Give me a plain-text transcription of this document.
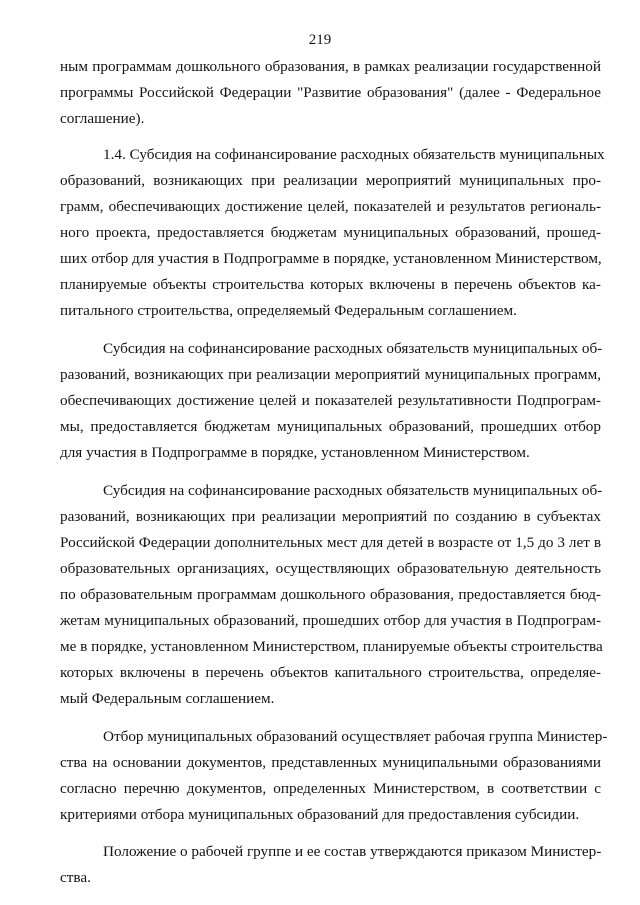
219
ным программам дошкольного образования, в рамках реализации государственной
программы Российской Федерации "Развитие образования" (далее - Федеральное
соглашение).
1.4. Субсидия на софинансирование расходных обязательств муниципальных
образований, возникающих при реализации мероприятий муниципальных про-
грамм, обеспечивающих достижение целей, показателей и результатов региональ-
ного проекта, предоставляется бюджетам муниципальных образований, прошед-
ших отбор для участия в Подпрограмме в порядке, установленном Министерством,
планируемые объекты строительства которых включены в перечень объектов ка-
питального строительства, определяемый Федеральным соглашением.
Субсидия на софинансирование расходных обязательств муниципальных об-
разований, возникающих при реализации мероприятий муниципальных программ,
обеспечивающих достижение целей и показателей результативности Подпрограм-
мы, предоставляется бюджетам муниципальных образований, прошедших отбор
для участия в Подпрограмме в порядке, установленном Министерством.
Субсидия на софинансирование расходных обязательств муниципальных об-
разований, возникающих при реализации мероприятий по созданию в субъектах
Российской Федерации дополнительных мест для детей в возрасте от 1,5 до 3 лет в
образовательных организациях, осуществляющих образовательную деятельность
по образовательным программам дошкольного образования, предоставляется бюд-
жетам муниципальных образований, прошедших отбор для участия в Подпрограм-
ме в порядке, установленном Министерством, планируемые объекты строительства
которых включены в перечень объектов капитального строительства, определяе-
мый Федеральным соглашением.
Отбор муниципальных образований осуществляет рабочая группа Министер-
ства на основании документов, представленных муниципальными образованиями
согласно перечню документов, определенных Министерством, в соответствии с
критериями отбора муниципальных образований для предоставления субсидии.
Положение о рабочей группе и ее состав утверждаются приказом Министер-
ства.
